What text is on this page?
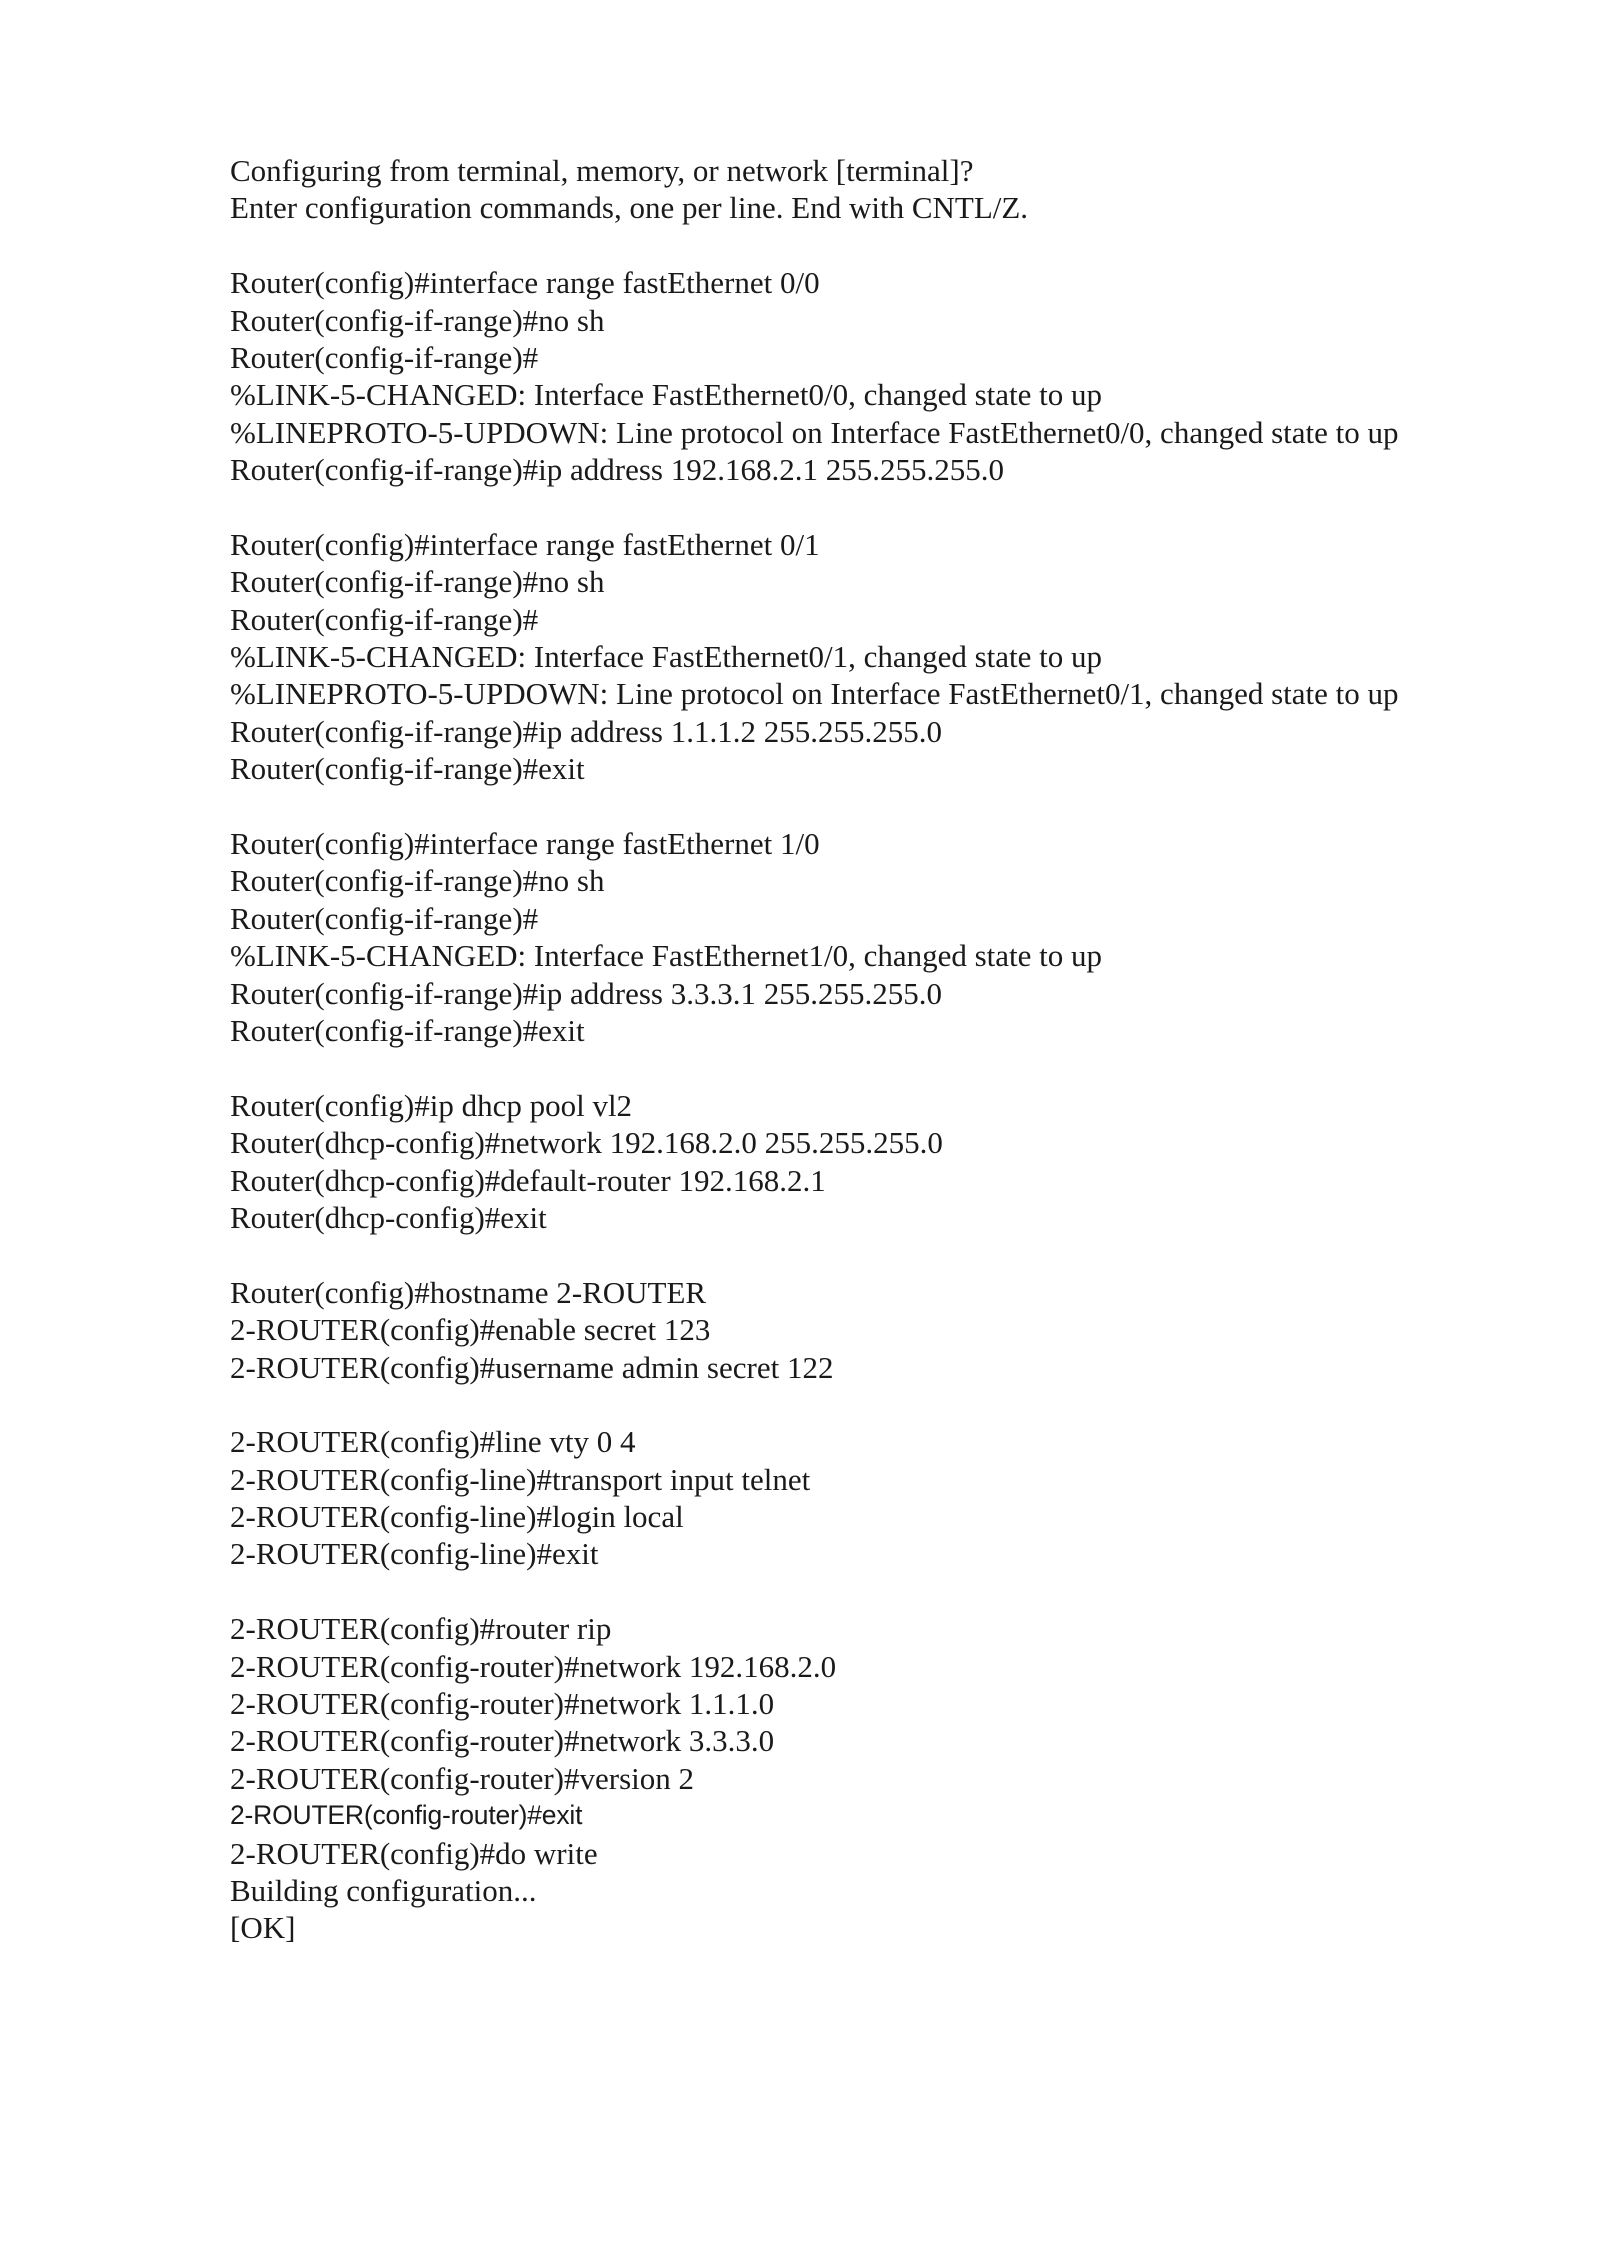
Configuring from terminal, memory, or network [terminal]?
Enter configuration commands, one per line. End with CNTL/Z.
Router(config)#interface range fastEthernet 0/0
Router(config-if-range)#no sh
Router(config-if-range)#
%LINK-5-CHANGED: Interface FastEthernet0/0, changed state to up
%LINEPROTO-5-UPDOWN: Line protocol on Interface FastEthernet0/0, changed state to up
Router(config-if-range)#ip address 192.168.2.1 255.255.255.0
Router(config)#interface range fastEthernet 0/1
Router(config-if-range)#no sh
Router(config-if-range)#
%LINK-5-CHANGED: Interface FastEthernet0/1, changed state to up
%LINEPROTO-5-UPDOWN: Line protocol on Interface FastEthernet0/1, changed state to up
Router(config-if-range)#ip address 1.1.1.2 255.255.255.0
Router(config-if-range)#exit
Router(config)#interface range fastEthernet 1/0
Router(config-if-range)#no sh
Router(config-if-range)#
%LINK-5-CHANGED: Interface FastEthernet1/0, changed state to up
Router(config-if-range)#ip address 3.3.3.1 255.255.255.0
Router(config-if-range)#exit
Router(config)#ip dhcp pool vl2
Router(dhcp-config)#network 192.168.2.0 255.255.255.0
Router(dhcp-config)#default-router 192.168.2.1
Router(dhcp-config)#exit
Router(config)#hostname 2-ROUTER
2-ROUTER(config)#enable secret 123
2-ROUTER(config)#username admin secret 122
2-ROUTER(config)#line vty 0 4
2-ROUTER(config-line)#transport input telnet
2-ROUTER(config-line)#login local
2-ROUTER(config-line)#exit
2-ROUTER(config)#router rip
2-ROUTER(config-router)#network 192.168.2.0
2-ROUTER(config-router)#network 1.1.1.0
2-ROUTER(config-router)#network 3.3.3.0
2-ROUTER(config-router)#version 2
2-ROUTER(config-router)#exit
2-ROUTER(config)#do write
Building configuration...
[OK]
